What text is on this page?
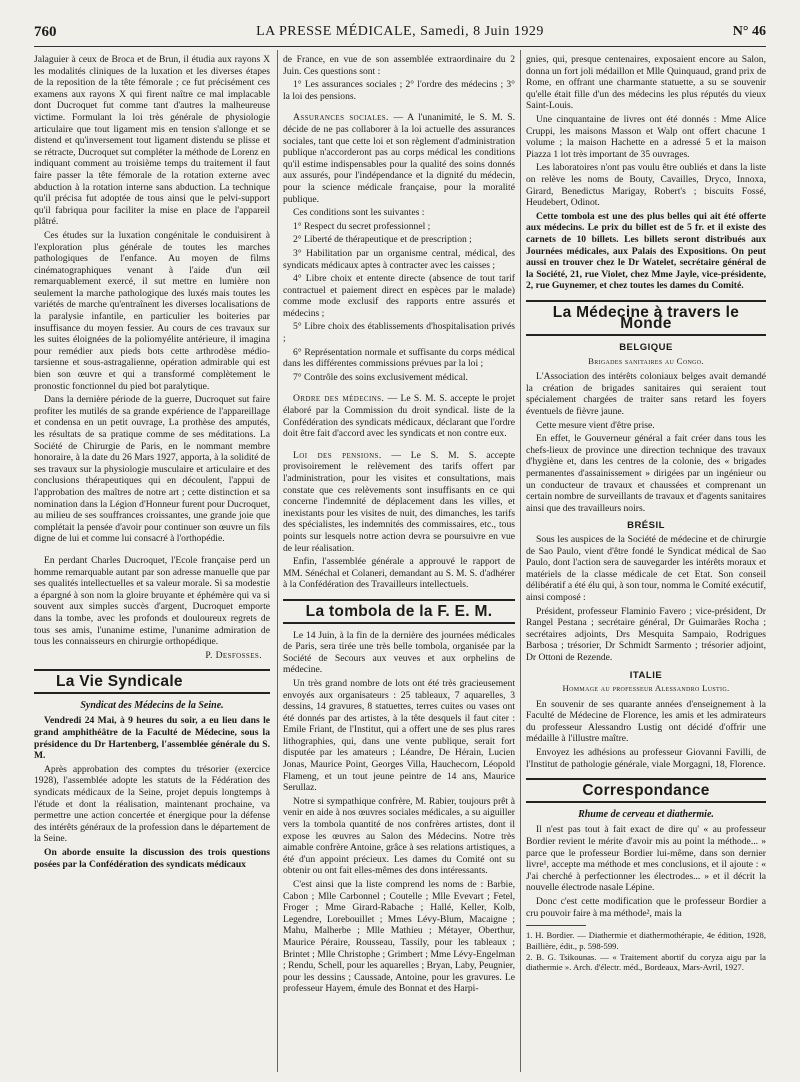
760	LA PRESSE MÉDICALE, Samedi, 8 Juin 1929	N° 46

Jalaguier à ceux de Broca et de Brun, il étudia aux rayons X les modalités cliniques de la luxation et les diverses étapes de la reposition de la tête fémorale ; ce fut précisément ces examens aux rayons X qui firent naître ce mal implacable dont Ducroquet fut comme tant d'autres la malheureuse victime. Formulant la loi très générale de physiologie articulaire que tout ligament mis en tension s'allonge et se distend et qu'inversement tout ligament distendu se plisse et se rétracte, Ducroquet sut compléter la méthode de Lorenz en indiquant comment au troisième temps du traitement il faut faire passer la tête fémorale de la rotation externe avec abduction à la rotation interne sans abduction. La technique qu'il précisa fut adoptée de tous ainsi que le pelvi-support qu'il fabriqua pour faciliter la mise en place de l'appareil plâtré.

Ces études sur la luxation congénitale le conduisirent à l'exploration plus générale de toutes les marches pathologiques de l'enfance. Au moyen de films cinématographiques venant à l'aide d'un œil remarquablement exercé, il sut mettre en lumière non seulement la marche pathologique des luxés mais toutes les variétés de marche qu'entraînent les diverses localisations de la paralysie infantile, en particulier les boiteries par insuffisance du moyen fessier. Au cours de ces travaux sur les suites éloignées de la poliomyélite antérieure, il imagina pour remédier aux pieds bots cette arthrodèse médio-tarsienne et sous-astragalienne, opération admirable qui est bien son œuvre et qui a transformé complètement le pronostic fonctionnel du pied bot paralytique.

Dans la dernière période de la guerre, Ducroquet sut faire profiter les mutilés de sa grande expérience de l'appareillage et condensa en un petit ouvrage, La prothèse des amputés, les résultats de sa pratique comme de ses méditations. La Société de Chirurgie de Paris, en le nommant membre honoraire, à la date du 26 Mars 1927, apporta, à la solidité de ses travaux sur la physiologie musculaire et articulaire et des conclusions thérapeutiques qui en découlent, l'appui de l'approbation des maîtres de notre art ; cette distinction et sa nomination dans la Légion d'Honneur furent pour Ducroquet, au milieu de ses souffrances croissantes, une grande joie que complétait la pensée d'avoir pour continuer son œuvre un fils digne de lui et comme lui consacré à l'orthopédie.

En perdant Charles Ducroquet, l'Ecole française perd un homme remarquable autant par son adresse manuelle que par ses qualités intellectuelles et sa valeur morale. Si sa modestie a épargné à son nom la gloire bruyante et éphémère qui va si souvent aux simples succès d'argent, Ducroquet emporte dans la tombe, avec les profonds et douloureux regrets de tous ses amis, l'unanime estime, l'unanime admiration de tous les connaisseurs en chirurgie orthopédique.

P. Desfosses.

La Vie Syndicale

Syndicat des Médecins de la Seine.

Vendredi 24 Mai, à 9 heures du soir, a eu lieu dans le grand amphithéâtre de la Faculté de Médecine, sous la présidence du Dr Hartenberg, l'assemblée générale du S. M.

Après approbation des comptes du trésorier (exercice 1928), l'assemblée adopte les statuts de la Fédération des syndicats médicaux de la Seine, projet depuis longtemps à l'étude et dont la réalisation, maintenant prochaine, va permettre une action concertée et énergique pour la défense des intérêts généraux de la profession dans le département de la Seine.

On aborde ensuite la discussion des trois questions posées par la Confédération des syndicats médicaux

de France, en vue de son assemblée extraordinaire du 2 Juin. Ces questions sont :

1° Les assurances sociales ; 2° l'ordre des médecins ; 3° la loi des pensions.

Assurances sociales. — A l'unanimité, le S. M. S. décide de ne pas collaborer à la loi actuelle des assurances sociales, tant que cette loi et son règlement d'administration publique n'accorderont pas au corps médical les conditions qu'il estime indispensables pour la qualité des soins donnés aux assurés, pour l'indépendance et la dignité du médecin, pour la science médicale française, pour la moralité publique.

Ces conditions sont les suivantes :

1° Respect du secret professionnel ;

2° Liberté de thérapeutique et de prescription ;

3° Habilitation par un organisme central, médical, des syndicats médicaux aptes à contracter avec les caisses ;

4° Libre choix et entente directe (absence de tout tarif contractuel et paiement direct en espèces par le malade) comme mode exclusif des rapports entre assurés et médecins ;

5° Libre choix des établissements d'hospitalisation privés ;

6° Représentation normale et suffisante du corps médical dans les différentes commissions prévues par la loi ;

7° Contrôle des soins exclusivement médical.

Ordre des médecins. — Le S. M. S. accepte le projet élaboré par la Commission du droit syndical. liste de la Confédération des syndicats médicaux, déclarant que l'ordre doit être fait d'accord avec les syndicats et non contre eux.

Loi des pensions. — Le S. M. S. accepte provisoirement le relèvement des tarifs offert par l'administration, pour les visites et consultations, mais constate que ces relèvements sont insuffisants en ce qui concerne l'indemnité de déplacement dans les villes, et inexistants pour les visites de nuit, des dimanches, les tarifs des spécialistes, les indemnités des commissaires, etc., tous points sur lesquels notre action devra se poursuivre en vue de leur réalisation.

Enfin, l'assemblée générale a approuvé le rapport de MM. Sénéchal et Colaneri, demandant au S. M. S. d'adhérer à la Confédération des Travailleurs intellectuels.

La tombola de la F. E. M.

Le 14 Juin, à la fin de la dernière des journées médicales de Paris, sera tirée une très belle tombola, organisée par la Société de Secours aux veuves et aux orphelins de médecine.

Un très grand nombre de lots ont été très gracieusement envoyés aux organisateurs : 25 tableaux, 7 aquarelles, 3 dessins, 14 gravures, 8 statuettes, terres cuites ou vases ont été donnés par des artistes, à la tête desquels il faut citer : Emile Friant, de l'Institut, qui a offert une de ses plus rares lithographies, qui, dans une vente publique, serait fort disputée par les amateurs ; Léandre, De Hérain, Lucien Jonas, Maurice Point, Georges Villa, Hauchecorn, Léopold Flameng, et un tout jeune peintre de 14 ans, Maurice Serullaz.

Notre si sympathique confrère, M. Rabier, toujours prêt à venir en aide à nos œuvres sociales médicales, a su aiguiller vers la tombola quantité de nos confrères artistes, dont il expose les œuvres au Salon des Médecins. Notre très aimable confrère Antoine, grâce à ses relations artistiques, a été d'un appoint précieux. Les dames du Comité ont su obtenir ou ont fait elles-mêmes des dons intéressants.

C'est ainsi que la liste comprend les noms de : Barbie, Cabon ; Mlle Carbonnel ; Coutelle ; Mlle Evevart ; Fetel, Froger ; Mme Girard-Rabache ; Hallé, Keller, Kolb, Legendre, Lorebouillet ; Mmes Lévy-Blum, Macaigne ; Mahu, Malherbe ; Mlle Mathieu ; Métayer, Oberthur, Maurice Péraire, Rousseau, Tassily, pour les tableaux ; Brintet ; Mlle Christophe ; Grimbert ; Mme Lévy-Engelman ; Rendu, Schell, pour les aquarelles ; Bryan, Laby, Peugnier, pour les dessins ; Caussade, Antoine, pour les gravures. Le professeur Hayem, émule des Bonnat et des Harpi-

gnies, qui, presque centenaires, exposaient encore au Salon, donna un fort joli médaillon et Mlle Quinquaud, grand prix de Rome, en offrant une charmante statuette, a su se souvenir qu'elle était fille d'un des médecins les plus réputés du vieux Saint-Louis.

Une cinquantaine de livres ont été donnés : Mme Alice Cruppi, les maisons Masson et Walp ont offert chacune 1 volume ; la maison Hachette en a adressé 5 et la maison Piazza 1 lot très important de 35 ouvrages.

Les laboratoires n'ont pas voulu être oubliés et dans la liste on relève les noms de Bouty, Cavailles, Dryco, Innoxa, Girard, Benedictus Marigay, Robert's ; biscuits Fossé, Heudebert, Odinot.

Cette tombola est une des plus belles qui ait été offerte aux médecins. Le prix du billet est de 5 fr. et il existe des carnets de 10 billets. Les billets seront distribués aux Journées médicales, aux Palais des Expositions. On peut aussi en trouver chez le Dr Watelet, secrétaire général de la Société, 21, rue Violet, chez Mme Jayle, vice-présidente, 2, rue Guynemer, et chez toutes les dames du Comité.

La Médecine à travers le Monde

BELGIQUE

Brigades sanitaires au Congo.

L'Association des intérêts coloniaux belges avait demandé la création de brigades sanitaires qui seraient tout spécialement chargées de traiter sans retard les foyers éventuels de fièvre jaune.

Cette mesure vient d'être prise.

En effet, le Gouverneur général a fait créer dans tous les chefs-lieux de province une direction technique des travaux d'hygiène et, dans les centres de la colonie, des « brigades permanentes d'assainissement » dirigées par un ingénieur ou un conducteur de travaux et chaussées et comprenant un certain nombre de surveillants de travaux et d'agents sanitaires ainsi que des travailleurs noirs.

BRÉSIL

Sous les auspices de la Société de médecine et de chirurgie de Sao Paulo, vient d'être fondé le Syndicat médical de Sao Paulo, dont l'action sera de sauvegarder les intérêts moraux et matériels de la classe médicale de cet Etat. Son conseil délibératif a été élu qui, à son tour, nomma le Comité exécutif, ainsi composé :

Président, professeur Flaminio Favero ; vice-président, Dr Rangel Pestana ; secrétaire général, Dr Guimarães Rocha ; secrétaires adjoints, Drs Mesquita Sampaio, Rodrigues Barbosa ; trésorier, Dr Schmidt Sarmento ; trésorier adjoint, Dr Ottoni de Rezende.

ITALIE

Hommage au professeur Alessandro Lustig.

En souvenir de ses quarante années d'enseignement à la Faculté de Médecine de Florence, les amis et les admirateurs du professeur Alessandro Lustig ont décidé d'offrir une médaille à l'illustre maître.

Envoyez les adhésions au professeur Giovanni Favilli, de l'Institut de pathologie générale, viale Morgagni, 18, Florence.

Correspondance

Rhume de cerveau et diathermie.

Il n'est pas tout à fait exact de dire qu' « au professeur Bordier revient le mérite d'avoir mis au point la méthode... » parce que le professeur Bordier lui-même, dans son dernier livre¹, accepte ma méthode et mes conclusions, et il ajoute : « J'ai cherché à perfectionner les électrodes... » et il décrit la nouvelle électrode nasale Lépine.

Donc c'est cette modification que le professeur Bordier a cru pouvoir faire à ma méthode², mais la

1. H. Bordier. — Diathermie et diathermothérapie, 4e édition, 1928, Baillière, édit., p. 598-599.

2. B. G. Tsikounas. — « Traitement abortif du coryza aigu par la diathermie ». Arch. d'électr. méd., Bordeaux, Mars-Avril, 1927.
